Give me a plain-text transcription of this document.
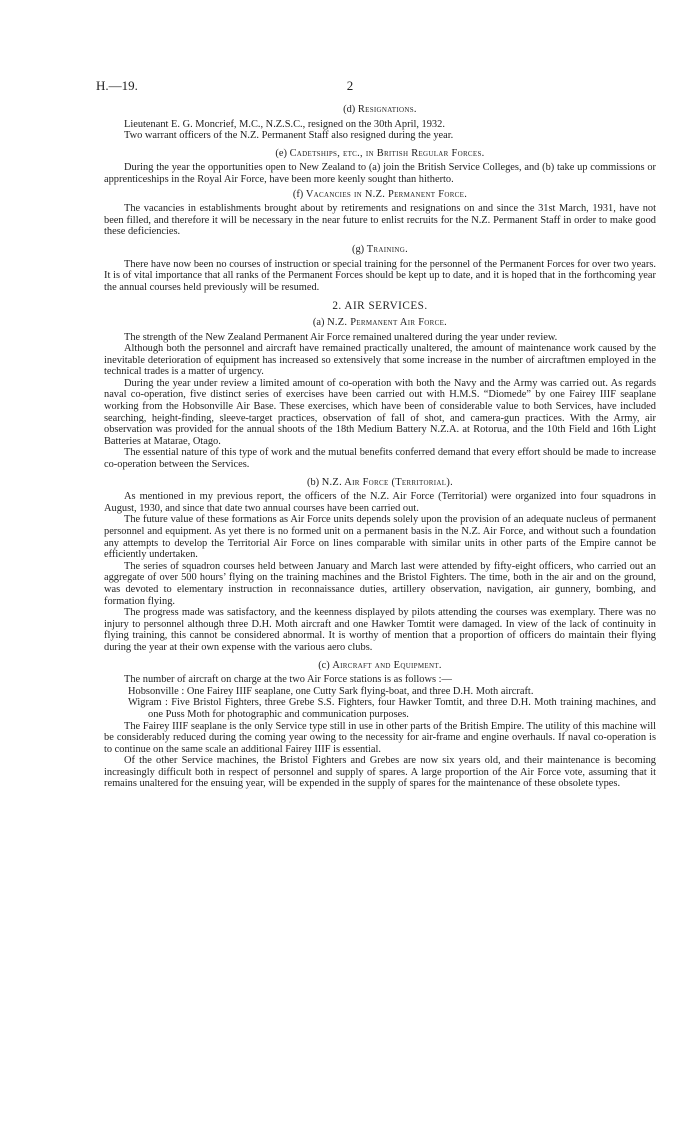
H.—19.	2
(d) Resignations.

Lieutenant E. G. Moncrief, M.C., N.Z.S.C., resigned on the 30th April, 1932.

Two warrant officers of the N.Z. Permanent Staff also resigned during the year.

(e) Cadetships, etc., in British Regular Forces.

During the year the opportunities open to New Zealand to (a) join the British Service Colleges, and (b) take up commissions or apprenticeships in the Royal Air Force, have been more keenly sought than hitherto.

(f) Vacancies in N.Z. Permanent Force.

The vacancies in establishments brought about by retirements and resignations on and since the 31st March, 1931, have not been filled, and therefore it will be necessary in the near future to enlist recruits for the N.Z. Permanent Staff in order to make good these deficiencies.

(g) Training.

There have now been no courses of instruction or special training for the personnel of the Permanent Forces for over two years. It is of vital importance that all ranks of the Permanent Forces should be kept up to date, and it is hoped that in the forthcoming year the annual courses held previously will be resumed.

2. AIR SERVICES.
(a) N.Z. Permanent Air Force.

The strength of the New Zealand Permanent Air Force remained unaltered during the year under review.

Although both the personnel and aircraft have remained practically unaltered, the amount of maintenance work caused by the inevitable deterioration of equipment has increased so extensively that some increase in the number of aircraftmen employed in the technical trades is a matter of urgency.

During the year under review a limited amount of co-operation with both the Navy and the Army was carried out. As regards naval co-operation, five distinct series of exercises have been carried out with H.M.S. “Diomede” by one Fairey IIIF seaplane working from the Hobsonville Air Base. These exercises, which have been of considerable value to both Services, have included searching, height-finding, sleeve-target practices, observation of fall of shot, and camera-gun practices. With the Army, air observation was provided for the annual shoots of the 18th Medium Battery N.Z.A. at Rotorua, and the 10th Field and 16th Light Batteries at Matarae, Otago.

The essential nature of this type of work and the mutual benefits conferred demand that every effort should be made to increase co-operation between the Services.

(b) N.Z. Air Force (Territorial).

As mentioned in my previous report, the officers of the N.Z. Air Force (Territorial) were organized into four squadrons in August, 1930, and since that date two annual courses have been carried out.

The future value of these formations as Air Force units depends solely upon the provision of an adequate nucleus of permanent personnel and equipment. As yet there is no formed unit on a permanent basis in the N.Z. Air Force, and without such a foundation any attempts to develop the Territorial Air Force on lines comparable with similar units in other parts of the Empire cannot be efficiently undertaken.

The series of squadron courses held between January and March last were attended by fifty-eight officers, who carried out an aggregate of over 500 hours’ flying on the training machines and the Bristol Fighters. The time, both in the air and on the ground, was devoted to elementary instruction in reconnaissance duties, artillery observation, navigation, air gunnery, bombing, and formation flying.

The progress made was satisfactory, and the keenness displayed by pilots attending the courses was exemplary. There was no injury to personnel although three D.H. Moth aircraft and one Hawker Tomtit were damaged. In view of the lack of continuity in flying training, this cannot be considered abnormal. It is worthy of mention that a proportion of officers do maintain their flying during the year at their own expense with the various aero clubs.

(c) Aircraft and Equipment.

The number of aircraft on charge at the two Air Force stations is as follows :—

Hobsonville : One Fairey IIIF seaplane, one Cutty Sark flying-boat, and three D.H. Moth aircraft.

Wigram : Five Bristol Fighters, three Grebe S.S. Fighters, four Hawker Tomtit, and three D.H. Moth training machines, and one Puss Moth for photographic and communication purposes.

The Fairey IIIF seaplane is the only Service type still in use in other parts of the British Empire. The utility of this machine will be considerably reduced during the coming year owing to the necessity for air-frame and engine overhauls. If naval co-operation is to continue on the same scale an additional Fairey IIIF is essential.

Of the other Service machines, the Bristol Fighters and Grebes are now six years old, and their maintenance is becoming increasingly difficult both in respect of personnel and supply of spares. A large proportion of the Air Force vote, assuming that it remains unaltered for the ensuing year, will be expended in the supply of spares for the maintenance of these obsolete types.
